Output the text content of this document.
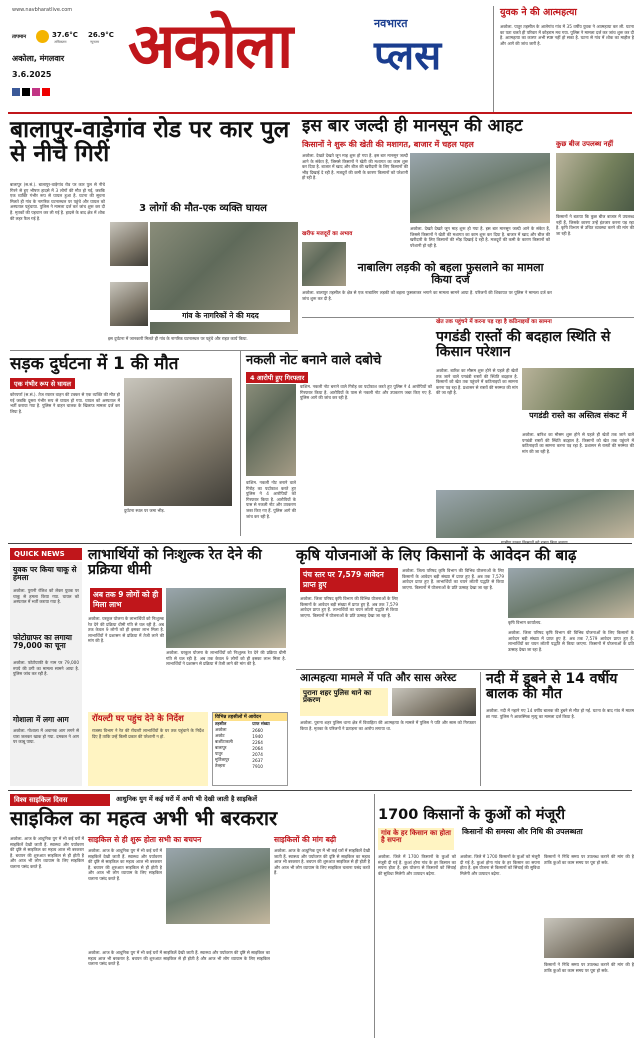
www.navbharatlive.com
तापमान	37.6°C
अधिकतम
26.9°C
न्यूनतम
अकोला, मंगलवार
3.6.2025 अकोला	नवभारत
प्लस
युवक ने की आत्महत्या
अकोला. पातुर तहसील के आलेगांव गांव में 35 वर्षीय युवक ने आत्महत्या कर ली. घटना का पता चलते ही परिवार में कोहराम मच गया. पुलिस ने मामला दर्ज कर जांच शुरू कर दी है. आत्महत्या का कारण अभी स्पष्ट नहीं हो सका है. घटना से गांव में शोक का माहौल है और आगे की जांच जारी है.
बालापुर-वाड़ेगांव रोड पर कार पुल से नीचे गिरी
बालापुर (स.सं.). बालापुर-वाड़ेगांव रोड पर कार पुल से नीचे गिरने से हुए भीषण हादसे में 3 लोगों की मौत हो गई, जबकि एक व्यक्ति गंभीर रूप से घायल हुआ है. घटना की सूचना मिलते ही गांव के नागरिक घटनास्थल पर पहुंचे और घायल को अस्पताल पहुंचाया. पुलिस ने मामला दर्ज कर जांच शुरू कर दी है. मृतकों की पहचान कर ली गई है. हादसे के बाद क्षेत्र में शोक की लहर फैल गई है.
3 लोगों की मौत-एक व्यक्ति घायल
गांव के नागरिकों ने की मदद
इस दुर्घटना में जानकारी मिलते ही गांव के नागरिक घटनास्थल पर पहुंचे और राहत कार्य किया.
इस बार जल्दी ही मानसून की आहट
किसानों ने शुरू की खेती की मशागत, बाजार में चहल पहल
अकोला. देखते देखते जून माह शुरू हो गया है. इस बार मानसून जल्दी आने के संकेत हैं, जिससे किसानों ने खेती की मशागत का काम शुरू कर दिया है. बाजार में खाद और बीज की खरीदारी के लिए किसानों की भीड़ दिखाई दे रही है. मजदूरों की कमी के कारण किसानों को परेशानी हो रही है.
कुछ बीज उपलब्ध नहीं
किसानों ने बताया कि कुछ बीज बाजार में उपलब्ध नहीं हैं, जिसके कारण उन्हें इंतजार करना पड़ रहा है. कृषि विभाग से उचित व्यवस्था करने की मांग की जा रही है.
खरीफ मजदूरों का अभाव
अकोला. देखते देखते जून माह शुरू हो गया है. इस बार मानसून जल्दी आने के संकेत हैं, जिससे किसानों ने खेती की मशागत का काम शुरू कर दिया है. बाजार में खाद और बीज की खरीदारी के लिए किसानों की भीड़ दिखाई दे रही है. मजदूरों की कमी के कारण किसानों को परेशानी हो रही है.
नाबालिग लड़की को बहला फुसलाने का मामला किया दर्ज
अकोला. बालापुर तहसील के क्षेत्र से एक नाबालिग लड़की को बहला फुसलाकर भगाने का मामला सामने आया है. परिजनों की शिकायत पर पुलिस ने मामला दर्ज कर जांच शुरू कर दी है.
खेत तक पहुंचने में करना पड़ रहा है कठिनाइयों का सामना
पगडंडी रास्तों की बदहाल स्थिति से किसान परेशान
अकोला. बारिश का मौसम शुरू होने से पहले ही खेतों तक जाने वाले पगडंडी रास्तों की स्थिति बदहाल है. किसानों को खेत तक पहुंचने में कठिनाइयों का सामना करना पड़ रहा है. प्रशासन से रास्तों की मरम्मत की मांग की जा रही है.
पगडंडी रास्ते का अस्तित्व संकट में
अकोला. बारिश का मौसम शुरू होने से पहले ही खेतों तक जाने वाले पगडंडी रास्तों की स्थिति बदहाल है. किसानों को खेत तक पहुंचने में कठिनाइयों का सामना करना पड़ रहा है. प्रशासन से रास्तों की मरम्मत की मांग की जा रही है.
सड़क दुर्घटना में 1 की मौत
एक गंभीर रूप से घायल
कोरपर्णा (स.सं.). तेज रफ्तार वाहन की टक्कर से एक व्यक्ति की मौत हो गई जबकि दूसरा गंभीर रूप से घायल हो गया. घायल को अस्पताल में भर्ती कराया गया है. पुलिस ने वाहन चालक के खिलाफ मामला दर्ज कर लिया है.
दुर्घटना स्थल पर जमा भीड़.
नकली नोट बनाने वाले दबोचे
4 आरोपी हुए गिरफ्तार
वाशिम. नकली नोट बनाने वाले गिरोह का पर्दाफाश करते हुए पुलिस ने 4 आरोपियों को गिरफ्तार किया है. आरोपियों के पास से नकली नोट और उपकरण जब्त किए गए हैं. पुलिस आगे की जांच कर रही है.
वाशिम. नकली नोट बनाने वाले गिरोह का पर्दाफाश करते हुए पुलिस ने 4 आरोपियों को गिरफ्तार किया है. आरोपियों के पास से नकली नोट और उपकरण जब्त किए गए हैं. पुलिस आगे की जांच कर रही है.
QUICK NEWS
युवक पर किया चाकू से हमला
अकोला. पुरानी रंजिश को लेकर युवक पर चाकू से हमला किया गया. घायल को अस्पताल में भर्ती कराया गया है.
फोटोग्राफर का लगाया 79,000 का चूना
अकोला. फोटोग्राफी के नाम पर 79,000 रुपये की ठगी का मामला सामने आया है. पुलिस जांच कर रही है.
गोशाला में लगा आग
अकोला. गोशाला में अचानक आग लगने से चारा जलकर खाक हो गया. दमकल ने आग पर काबू पाया.
लाभार्थियों को निःशुल्क रेत देने की प्रक्रिया धीमी
अब तक 9 लोगों को ही मिला लाभ
अकोला. घरकुल योजना के लाभार्थियों को निःशुल्क रेत देने की प्रक्रिया धीमी गति से चल रही है. अब तक केवल 9 लोगों को ही इसका लाभ मिला है. लाभार्थियों ने प्रशासन से प्रक्रिया में तेजी लाने की मांग की है.
अकोला. घरकुल योजना के लाभार्थियों को निःशुल्क रेत देने की प्रक्रिया धीमी गति से चल रही है. अब तक केवल 9 लोगों को ही इसका लाभ मिला है. लाभार्थियों ने प्रशासन से प्रक्रिया में तेजी लाने की मांग की है.
रॉयल्टी घर पहुंच देने के निर्देश
राजस्व विभाग ने रेत की रॉयल्टी लाभार्थियों के घर तक पहुंचाने के निर्देश दिए हैं ताकि उन्हें किसी प्रकार की परेशानी न हो.
विभिन्न तहसीलों में आवेदन
तहसील	प्राप्त संख्या
अकोला	2660
अकोट	1940
बार्शीटाकली	2264
बालापुर	2064
पातुर	2074
मूर्तिजापुर	2637
तेल्हारा	7910
कृषि योजनाओं के लिए किसानों के आवेदन की बाढ़
पंच स्तर पर 7,579 आवेदन प्राप्त हुए
अकोला. जिला परिषद कृषि विभाग की विभिन्न योजनाओं के लिए किसानों के आवेदन बड़ी संख्या में प्राप्त हुए हैं. अब तक 7,579 आवेदन प्राप्त हुए हैं. लाभार्थियों का चयन लॉटरी पद्धति से किया जाएगा. किसानों में योजनाओं के प्रति उत्साह देखा जा रहा है.
अकोला. जिला परिषद कृषि विभाग की विभिन्न योजनाओं के लिए किसानों के आवेदन बड़ी संख्या में प्राप्त हुए हैं. अब तक 7,579 आवेदन प्राप्त हुए हैं. लाभार्थियों का चयन लॉटरी पद्धति से किया जाएगा. किसानों में योजनाओं के प्रति उत्साह देखा जा रहा है.
कृषि विभाग कार्यालय.
अकोला. जिला परिषद कृषि विभाग की विभिन्न योजनाओं के लिए किसानों के आवेदन बड़ी संख्या में प्राप्त हुए हैं. अब तक 7,579 आवेदन प्राप्त हुए हैं. लाभार्थियों का चयन लॉटरी पद्धति से किया जाएगा. किसानों में योजनाओं के प्रति उत्साह देखा जा रहा है.
आत्महत्या मामले में पति और सास अरेस्ट
पुराना शहर पुलिस थाने का प्रकरण
अकोला. पुराना शहर पुलिस थाना क्षेत्र में विवाहिता की आत्महत्या के मामले में पुलिस ने पति और सास को गिरफ्तार किया है. मृतका के परिजनों ने प्रताड़ना का आरोप लगाया था.
नदी में डूबने से 14 वर्षीय बालक की मौत
अकोला. नदी में नहाने गए 14 वर्षीय बालक की डूबने से मौत हो गई. घटना के बाद गांव में मातम छा गया. पुलिस ने आकस्मिक मृत्यु का मामला दर्ज किया है.
विश्व साइकिल दिवस	आधुनिक युग में कई घरों में अभी भी देखी जाती है साइकिलें
साइकिल का महत्व अभी भी बरकरार
अकोला. आज के आधुनिक युग में भी कई घरों में साइकिलें देखी जाती हैं. स्वास्थ्य और पर्यावरण की दृष्टि से साइकिल का महत्व आज भी बरकरार है. बचपन की शुरुआत साइकिल से ही होती है और आज भी लोग व्यायाम के लिए साइकिल चलाना पसंद करते हैं.
साइकिल से ही शुरू होता सभी का बचपन
अकोला. आज के आधुनिक युग में भी कई घरों में साइकिलें देखी जाती हैं. स्वास्थ्य और पर्यावरण की दृष्टि से साइकिल का महत्व आज भी बरकरार है. बचपन की शुरुआत साइकिल से ही होती है और आज भी लोग व्यायाम के लिए साइकिल चलाना पसंद करते हैं.
साइकिलों की मांग बढ़ी
अकोला. आज के आधुनिक युग में भी कई घरों में साइकिलें देखी जाती हैं. स्वास्थ्य और पर्यावरण की दृष्टि से साइकिल का महत्व आज भी बरकरार है. बचपन की शुरुआत साइकिल से ही होती है और आज भी लोग व्यायाम के लिए साइकिल चलाना पसंद करते हैं.
अकोला. आज के आधुनिक युग में भी कई घरों में साइकिलें देखी जाती हैं. स्वास्थ्य और पर्यावरण की दृष्टि से साइकिल का महत्व आज भी बरकरार है. बचपन की शुरुआत साइकिल से ही होती है और आज भी लोग व्यायाम के लिए साइकिल चलाना पसंद करते हैं.
1700 किसानों के कुओं को मंजूरी
गांव के हर किसान का होता है सपना
अकोला. जिले में 1700 किसानों के कुओं को मंजूरी दी गई है. कुआं होना गांव के हर किसान का सपना होता है. इस योजना से किसानों को सिंचाई की सुविधा मिलेगी और उत्पादन बढ़ेगा.
अकोला. जिले में 1700 किसानों के कुओं को मंजूरी दी गई है. कुआं होना गांव के हर किसान का सपना होता है. इस योजना से किसानों को सिंचाई की सुविधा मिलेगी और उत्पादन बढ़ेगा.
किसानों की समस्या और निधि की उपलब्धता
किसानों ने निधि समय पर उपलब्ध कराने की मांग की है ताकि कुओं का काम समय पर पूरा हो सके.
किसानों ने निधि समय पर उपलब्ध कराने की मांग की है ताकि कुओं का काम समय पर पूरा हो सके.
